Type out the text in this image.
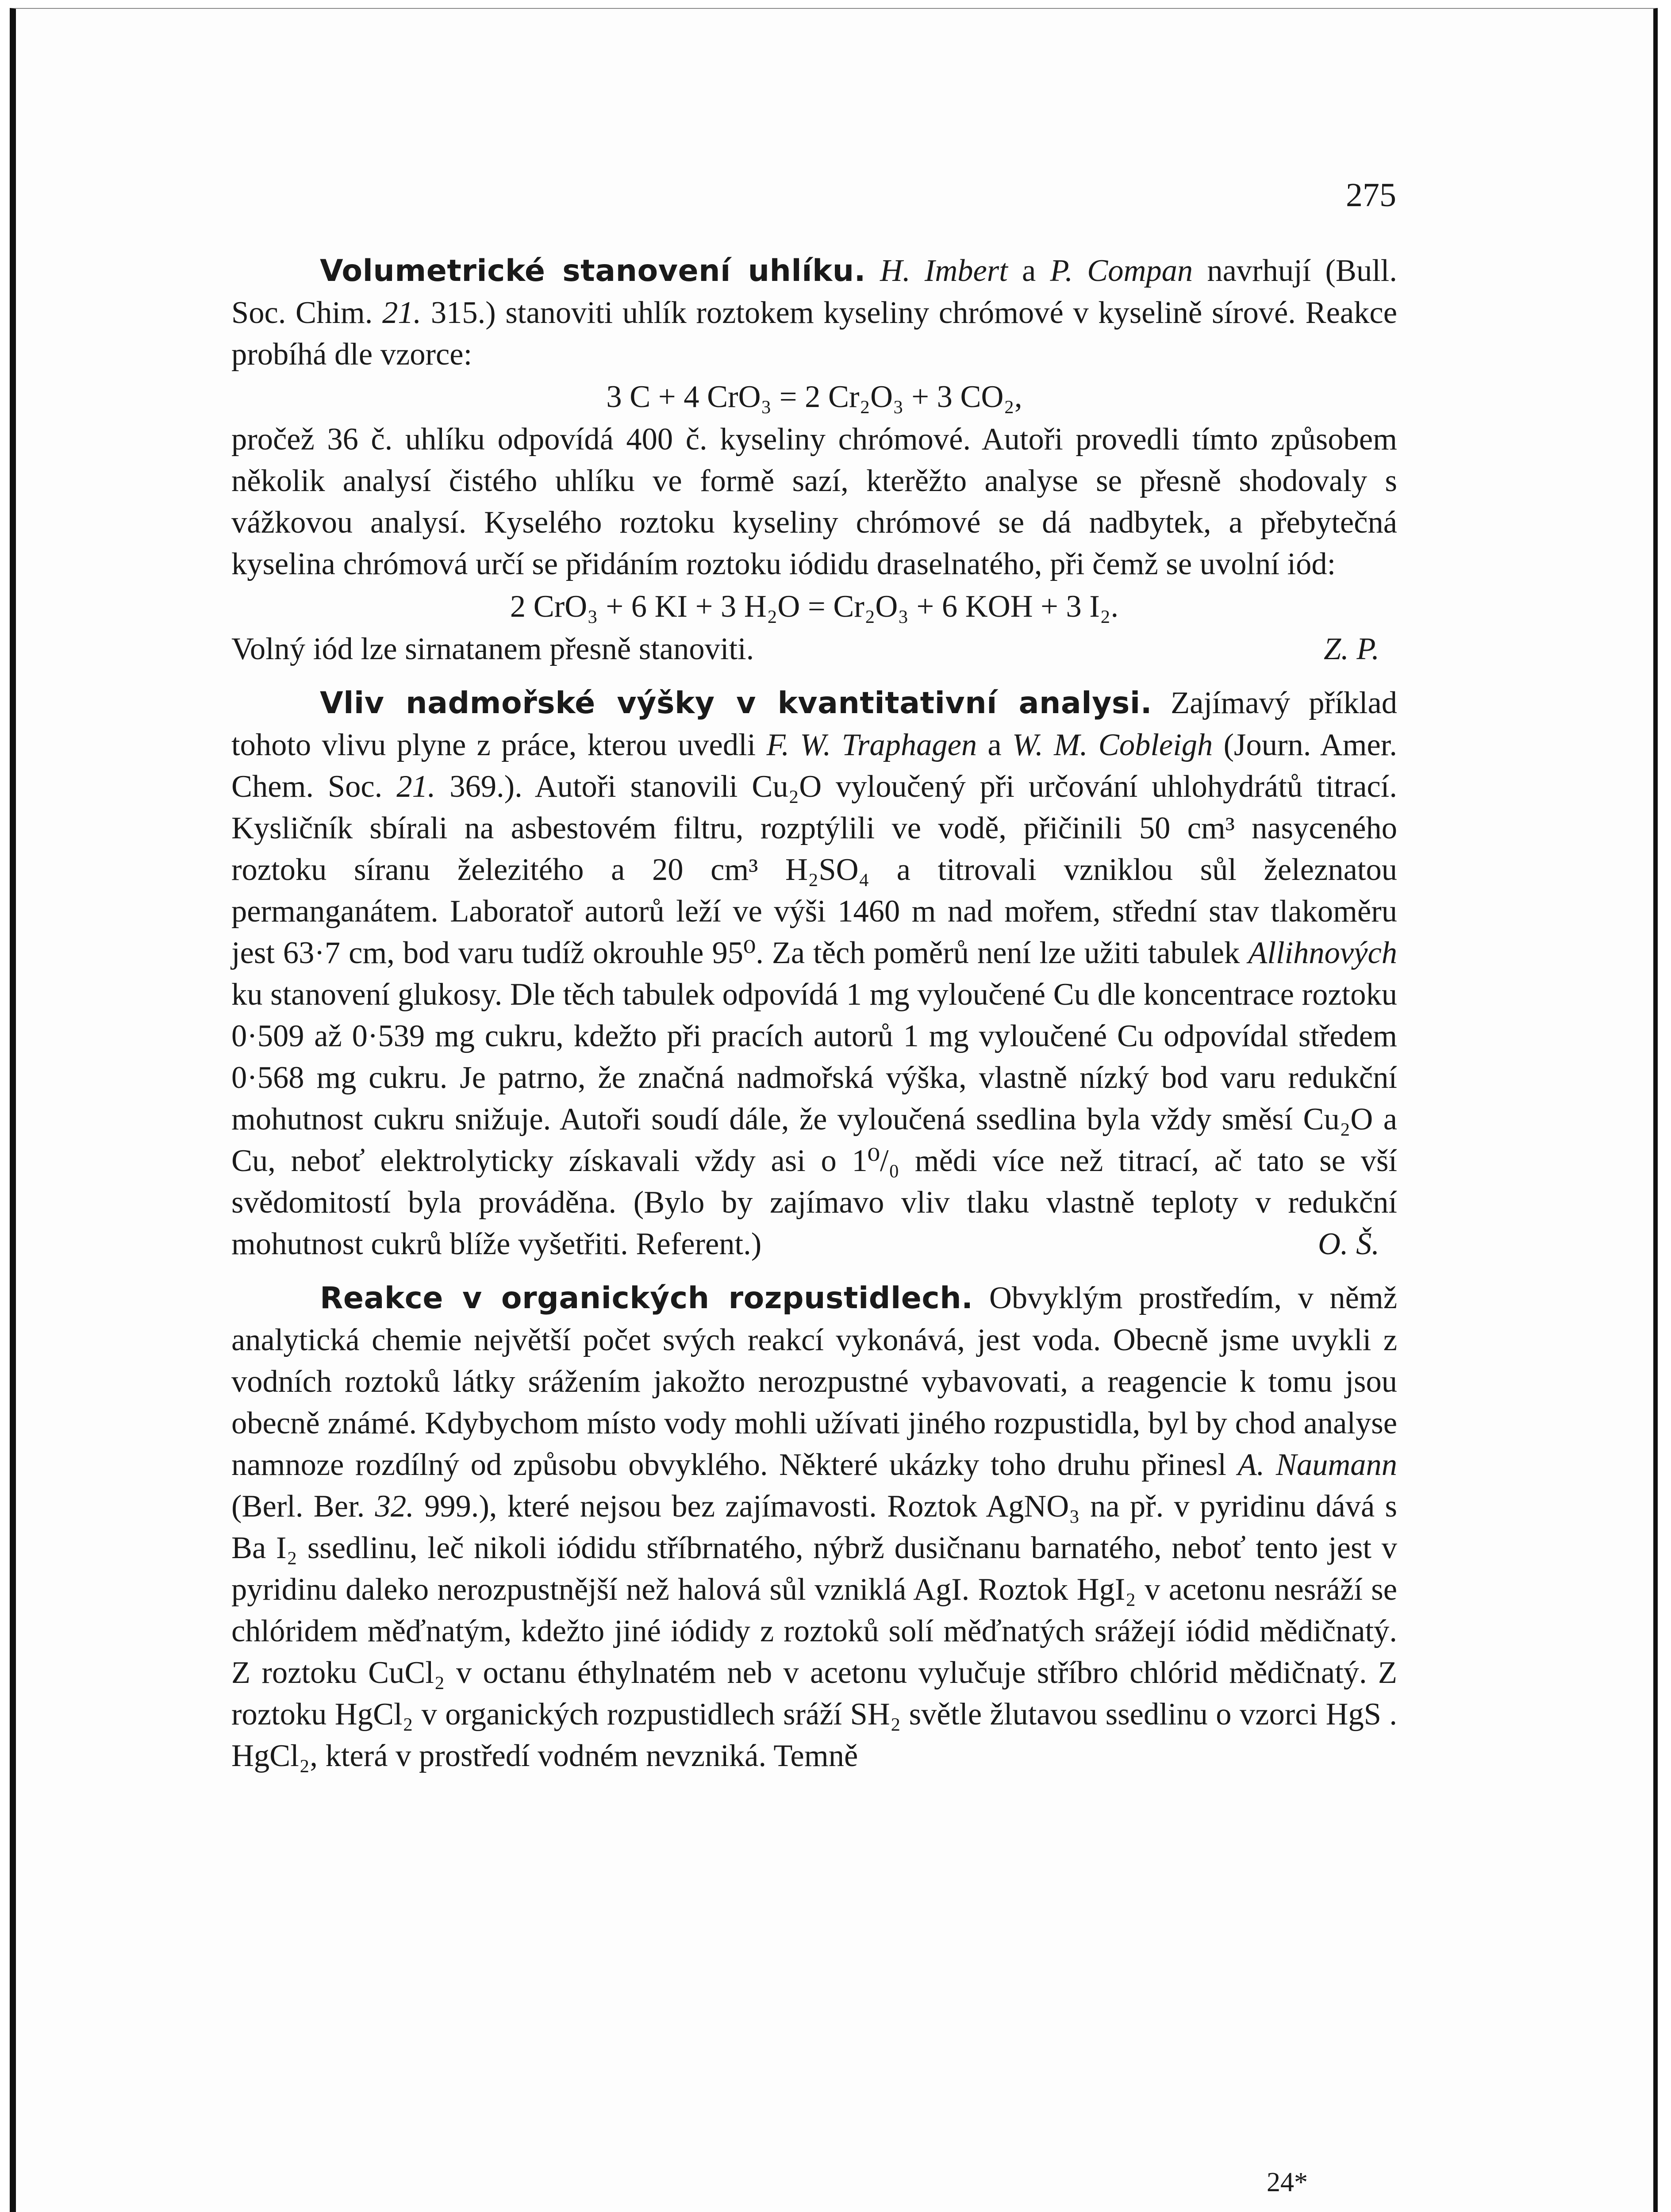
275

Volumetrické stanovení uhlíku. H. Imbert a P. Compan navrhují (Bull. Soc. Chim. 21. 315.) stanoviti uhlík roztokem kyseliny chrómové v kyselině sírové. Reakce probíhá dle vzorce:

3 C + 4 CrO₃ = 2 Cr₂O₃ + 3 CO₂,

pročež 36 č. uhlíku odpovídá 400 č. kyseliny chrómové. Autoři provedli tímto způsobem několik analysí čistého uhlíku ve formě sazí, kterěžto analyse se přesně shodovaly s vážkovou analysí. Kyselého roztoku kyseliny chrómové se dá nadbytek, a přebytečná kyselina chrómová určí se přidáním roztoku iódidu draselnatého, při čemž se uvolní iód:

2 CrO₃ + 6 KI + 3 H₂O = Cr₂O₃ + 6 KOH + 3 I₂.

Volný iód lze sirnatanem přesně stanoviti.	Z. P.

Vliv nadmořské výšky v kvantitativní analysi. Zajímavý příklad tohoto vlivu plyne z práce, kterou uvedli F. W. Traphagen a W. M. Cobleigh (Journ. Amer. Chem. Soc. 21. 369.). Autoři stanovili Cu₂O vyloučený při určování uhlohydrátů titrací. Kysličník sbírali na asbestovém filtru, rozptýlili ve vodě, přičinili 50 cm³ nasyceného roztoku síranu železitého a 20 cm³ H₂SO₄ a titrovali vzniklou sůl železnatou permanganátem. Laboratoř autorů leží ve výši 1460 m nad mořem, střední stav tlakoměru jest 63·7 cm, bod varu tudíž okrouhle 95⁰. Za těch poměrů není lze užiti tabulek Allihnových ku stanovení glukosy. Dle těch tabulek odpovídá 1 mg vyloučené Cu dle koncentrace roztoku 0·509 až 0·539 mg cukru, kdežto při pracích autorů 1 mg vyloučené Cu odpovídal středem 0·568 mg cukru. Je patrno, že značná nadmořská výška, vlastně nízký bod varu redukční mohutnost cukru snižuje. Autoři soudí dále, že vyloučená ssedlina byla vždy směsí Cu₂O a Cu, neboť elektrolyticky získavali vždy asi o 1⁰/₀ mědi více než titrací, ač tato se vší svědomitostí byla prováděna. (Bylo by zajímavo vliv tlaku vlastně teploty v redukční mohutnost cukrů blíže vyšetřiti. Referent.)	O. Š.

Reakce v organických rozpustidlech. Obvyklým prostředím, v němž analytická chemie největší počet svých reakcí vykonává, jest voda. Obecně jsme uvykli z vodních roztoků látky srážením jakožto nerozpustné vybavovati, a reagencie k tomu jsou obecně známé. Kdybychom místo vody mohli užívati jiného rozpustidla, byl by chod analyse namnoze rozdílný od způsobu obvyklého. Některé ukázky toho druhu přinesl A. Naumann (Berl. Ber. 32. 999.), které nejsou bez zajímavosti. Roztok AgNO₃ na př. v pyridinu dává s Ba I₂ ssedlinu, leč nikoli iódidu stříbrnatého, nýbrž dusičnanu barnatého, neboť tento jest v pyridinu daleko nerozpustnější než halová sůl vzniklá AgI. Roztok HgI₂ v acetonu nesráží se chlóridem měďnatým, kdežto jiné iódidy z roztoků solí měďnatých srážejí iódid mědičnatý. Z roztoku CuCl₂ v octanu éthylnatém neb v acetonu vylučuje stříbro chlórid mědičnatý. Z roztoku HgCl₂ v organických rozpustidlech sráží SH₂ světle žlutavou ssedlinu o vzorci HgS . HgCl₂, která v prostředí vodném nevzniká. Temně

24*
